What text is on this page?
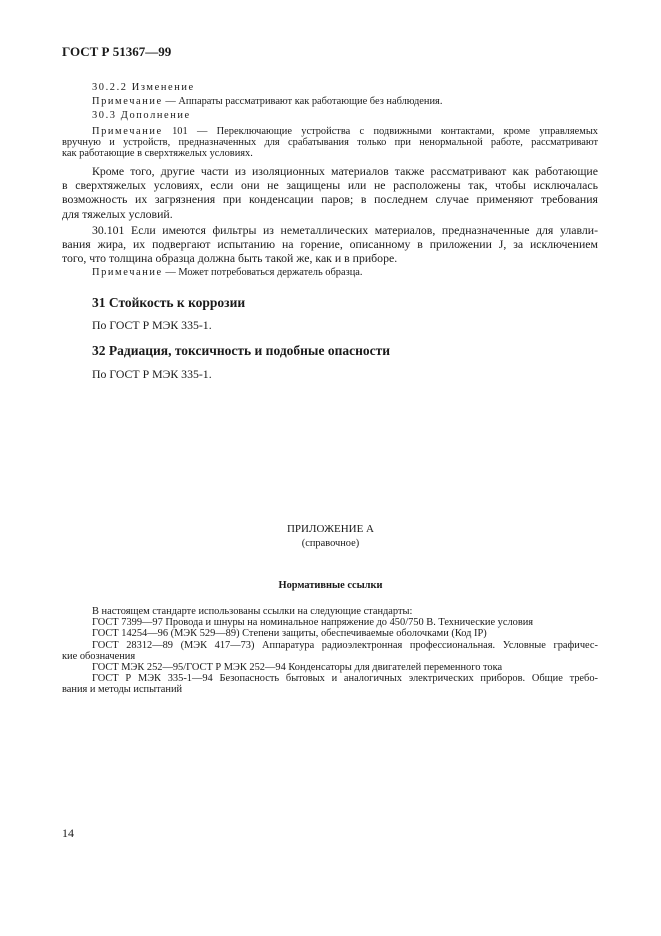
ГОСТ Р 51367—99
30.2.2 Изменение
Примечание — Аппараты рассматривают как работающие без наблюдения.
30.3 Дополнение
Примечание 101 — Переключающие устройства с подвижными контактами, кроме управляемых
вручную и устройств, предназначенных для срабатывания только при ненормальной работе, рассматривают
как работающие в сверхтяжелых условиях.
Кроме того, другие части из изоляционных материалов также рассматривают как работающие
в сверхтяжелых условиях, если они не защищены или не расположены так, чтобы исключалась
возможность их загрязнения при конденсации паров; в последнем случае применяют требования
для тяжелых условий.
30.101 Если имеются фильтры из неметаллических материалов, предназначенные для улавли-
вания жира, их подвергают испытанию на горение, описанному в приложении J, за исключением
того, что толщина образца должна быть такой же, как и в приборе.
Примечание — Может потребоваться держатель образца.
31 Стойкость к коррозии
По ГОСТ Р МЭК 335-1.
32 Радиация, токсичность и подобные опасности
По ГОСТ Р МЭК 335-1.
ПРИЛОЖЕНИЕ А
(справочное)
Нормативные ссылки
В настоящем стандарте использованы ссылки на следующие стандарты:
ГОСТ 7399—97 Провода и шнуры на номинальное напряжение до 450/750 В. Технические условия
ГОСТ 14254—96 (МЭК 529—89) Степени защиты, обеспечиваемые оболочками (Код IP)
ГОСТ 28312—89 (МЭК 417—73) Аппаратура радиоэлектронная профессиональная. Условные графичес-
кие обозначения
ГОСТ МЭК 252—95/ГОСТ Р МЭК 252—94 Конденсаторы для двигателей переменного тока
ГОСТ Р МЭК 335-1—94 Безопасность бытовых и аналогичных электрических приборов. Общие требо-
вания и методы испытаний
14
